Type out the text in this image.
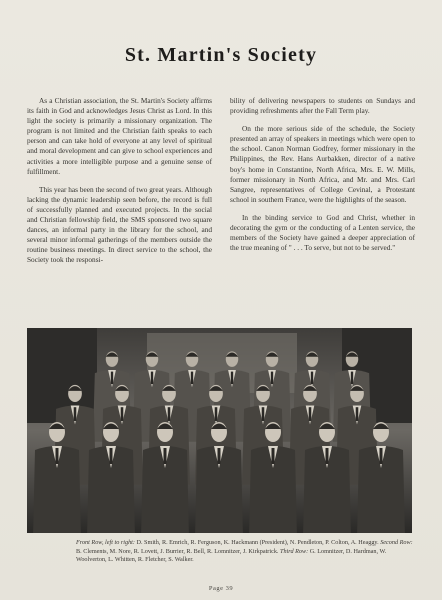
St. Martin's Society

As a Christian association, the St. Martin's Society affirms its faith in God and acknowledges Jesus Christ as Lord. In this light the society is primarily a missionary organization. The program is not limited and the Christian faith speaks to each person and can take hold of everyone at any level of spiritual and moral development and can give to school experiences and activities a more intelligible purpose and a genuine sense of fulfillment.

This year has been the second of two great years. Although lacking the dynamic leadership seen before, the record is full of successfully planned and executed projects. In the social and Christian fellowship field, the SMS sponsored two square dances, an informal party in the library for the school, and several minor informal gatherings of the members outside the routine business meetings. In direct service to the school, the Society took the responsi-

bility of delivering newspapers to students on Sundays and providing refreshments after the Fall Term play.

On the more serious side of the schedule, the Society presented an array of speakers in meetings which were open to the school. Canon Norman Godfrey, former missionary in the Philippines, the Rev. Hans Aurbakken, director of a native boy's home in Constantine, North Africa, Mrs. E. W. Mills, former missionary in North Africa, and Mr. and Mrs. Carl Sangree, representatives of College Cevinal, a Protestant school in southern France, were the highlights of the season.

In the binding service to God and Christ, whether in decorating the gym or the conducting of a Lenten service, the members of the Society have gained a deeper appreciation of the true meaning of " . . . To serve, but not to be served."

Front Row, left to right: D. Smith, R. Emrich, R. Ferguson, K. Hackmann (President), N. Pendleton, P. Colton, A. Heaggy. Second Row: B. Clements, M. Nore, R. Lovett, J. Burrier, R. Bell, R. Lomnitzer, J. Kirkpatrick. Third Row: G. Lomnitzer, D. Hardman, W. Woolverton, L. Whitten, R. Fletcher, S. Walker.
Page 39
